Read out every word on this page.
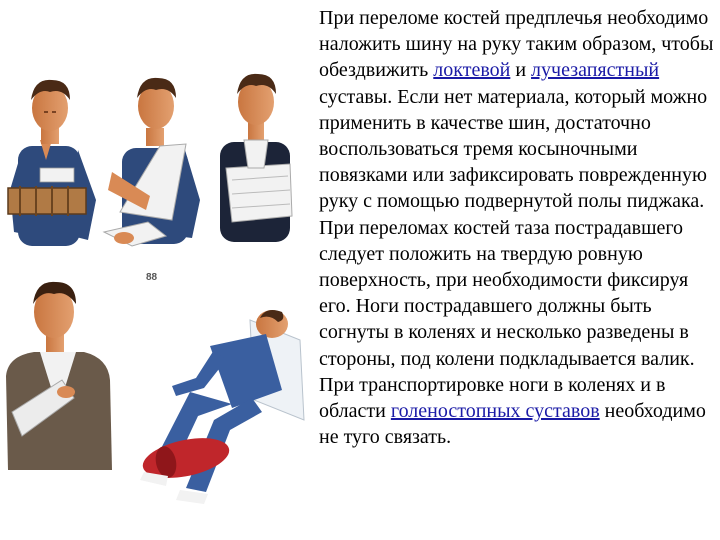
88

При переломе костей предплечья необходимо наложить шину на руку таким образом, чтобы обездвижить локтевой и лучезапястный суставы. Если нет материала, который можно применить в качестве шин, достаточно воспользоваться тремя косыночными повязками или зафиксировать поврежденную руку с помощью подвернутой полы пиджака.

При переломах костей таза пострадавшего следует положить на твердую ровную поверхность, при необходимости фиксируя его. Ноги пострадавшего должны быть согнуты в коленях и несколько разведены в стороны, под колени подкладывается валик. При транспортировке ноги в коленях и в области голеностопных суставов необходимо не туго связать.
